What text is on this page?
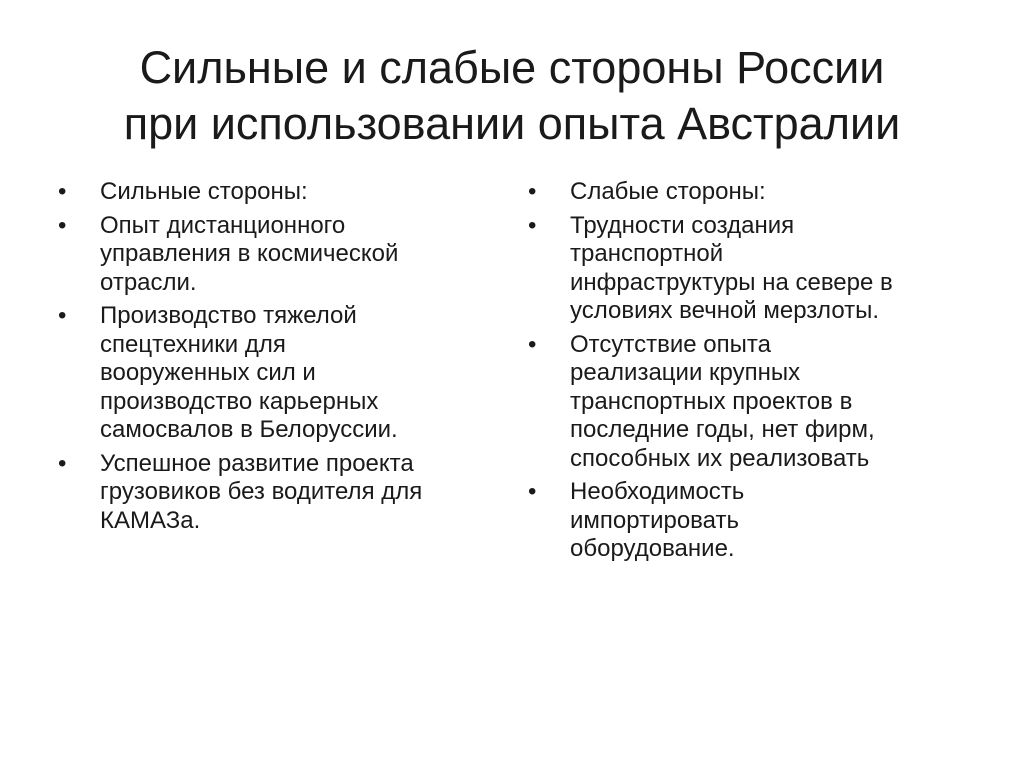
Сильные и слабые стороны России
при использовании опыта Австралии
•	Сильные стороны:
•	Опыт дистанционного
управления в космической
отрасли.
•	Производство тяжелой
спецтехники для
вооруженных сил и
производство карьерных
самосвалов в Белоруссии.
•	Успешное развитие проекта
грузовиков без водителя для
КАМАЗа.
•	Слабые стороны:
•	Трудности создания
транспортной
инфраструктуры на севере в
условиях вечной мерзлоты.
•	Отсутствие опыта
реализации крупных
транспортных проектов в
последние годы, нет фирм,
способных их реализовать
•	Необходимость
импортировать
оборудование.
